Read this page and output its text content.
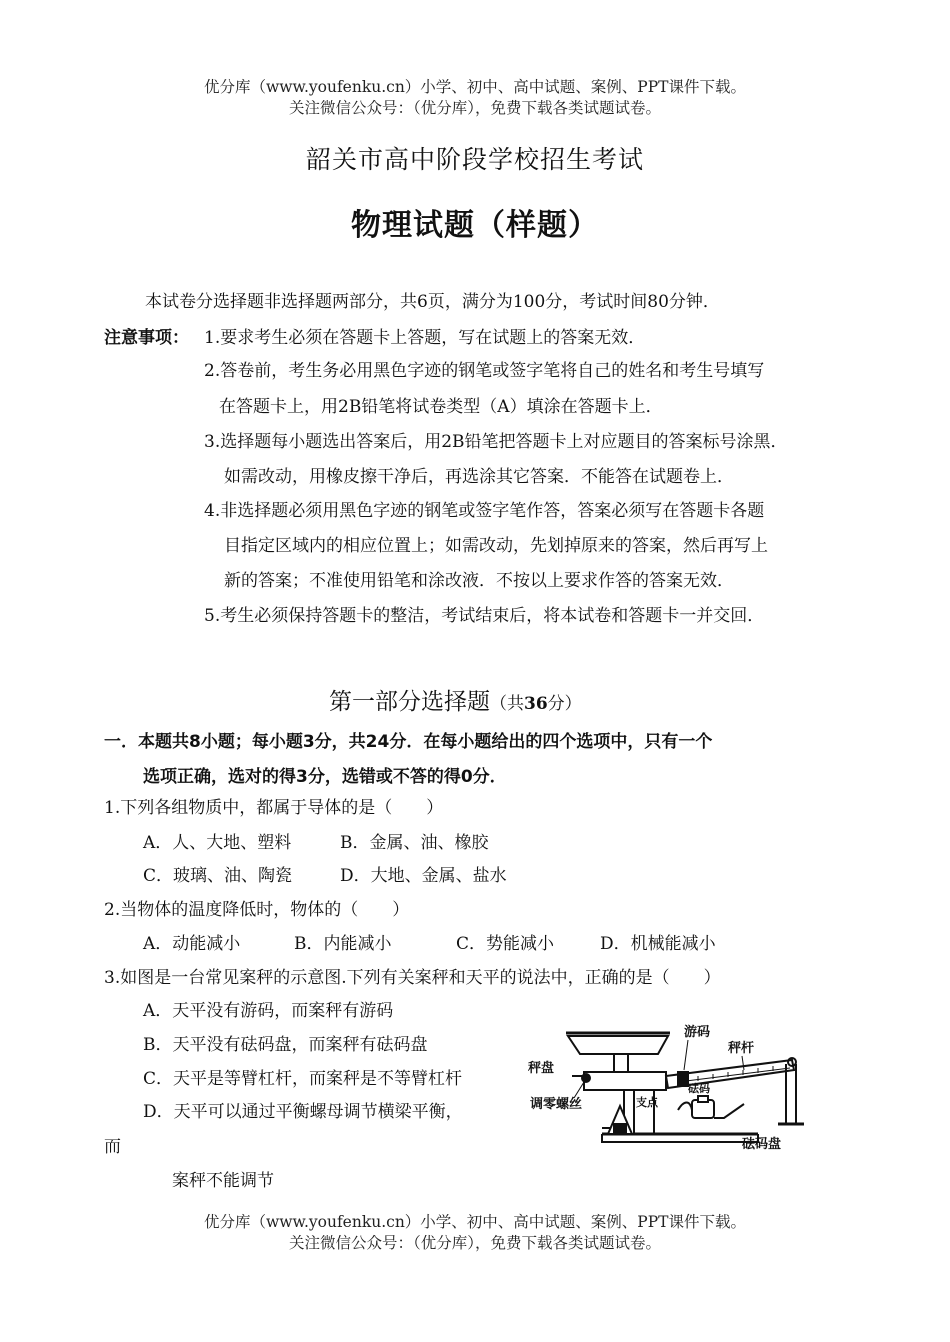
优分库（www.youfenku.cn）小学、初中、高中试题、案例、PPT课件下载。
关注微信公众号：（优分库），免费下载各类试题试卷。
韶关市高中阶段学校招生考试
物理试题（样题）
本试卷分选择题非选择题两部分，共6页，满分为100分，考试时间80分钟．
注意事项： 1.要求考生必须在答题卡上答题，写在试题上的答案无效．
2.答卷前，考生务必用黑色字迹的钢笔或签字笔将自己的姓名和考生号填写
在答题卡上，用2B铅笔将试卷类型（A）填涂在答题卡上．
3.选择题每小题选出答案后，用2B铅笔把答题卡上对应题目的答案标号涂黑．
如需改动，用橡皮擦干净后，再选涂其它答案．不能答在试题卷上．
4.非选择题必须用黑色字迹的钢笔或签字笔作答，答案必须写在答题卡各题
目指定区域内的相应位置上；如需改动，先划掉原来的答案，然后再写上
新的答案；不准使用铅笔和涂改液．不按以上要求作答的答案无效．
5.考生必须保持答题卡的整洁，考试结束后，将本试卷和答题卡一并交回．
第一部分选择题（共36分）
一．本题共8小题；每小题3分，共24分．在每小题给出的四个选项中，只有一个
选项正确，选对的得3分，选错或不答的得0分．
1.下列各组物质中，都属于导体的是（　　）
A．人、大地、塑料	B．金属、油、橡胶
C．玻璃、油、陶瓷	D．大地、金属、盐水
2.当物体的温度降低时，物体的（　　）
A．动能减小	B．内能减小	C．势能减小	D．机械能减小
3.如图是一台常见案秤的示意图.下列有关案秤和天平的说法中，正确的是（　　）
A．天平没有游码，而案秤有游码
B．天平没有砝码盘，而案秤有砝码盘
C．天平是等臂杠杆，而案秤是不等臂杠杆
D．天平可以通过平衡螺母调节横梁平衡，
而
案秤不能调节
游码
秤杆
秤盘
调零螺丝	支点
砝码
砝码盘
优分库（www.youfenku.cn）小学、初中、高中试题、案例、PPT课件下载。
关注微信公众号：（优分库），免费下载各类试题试卷。
